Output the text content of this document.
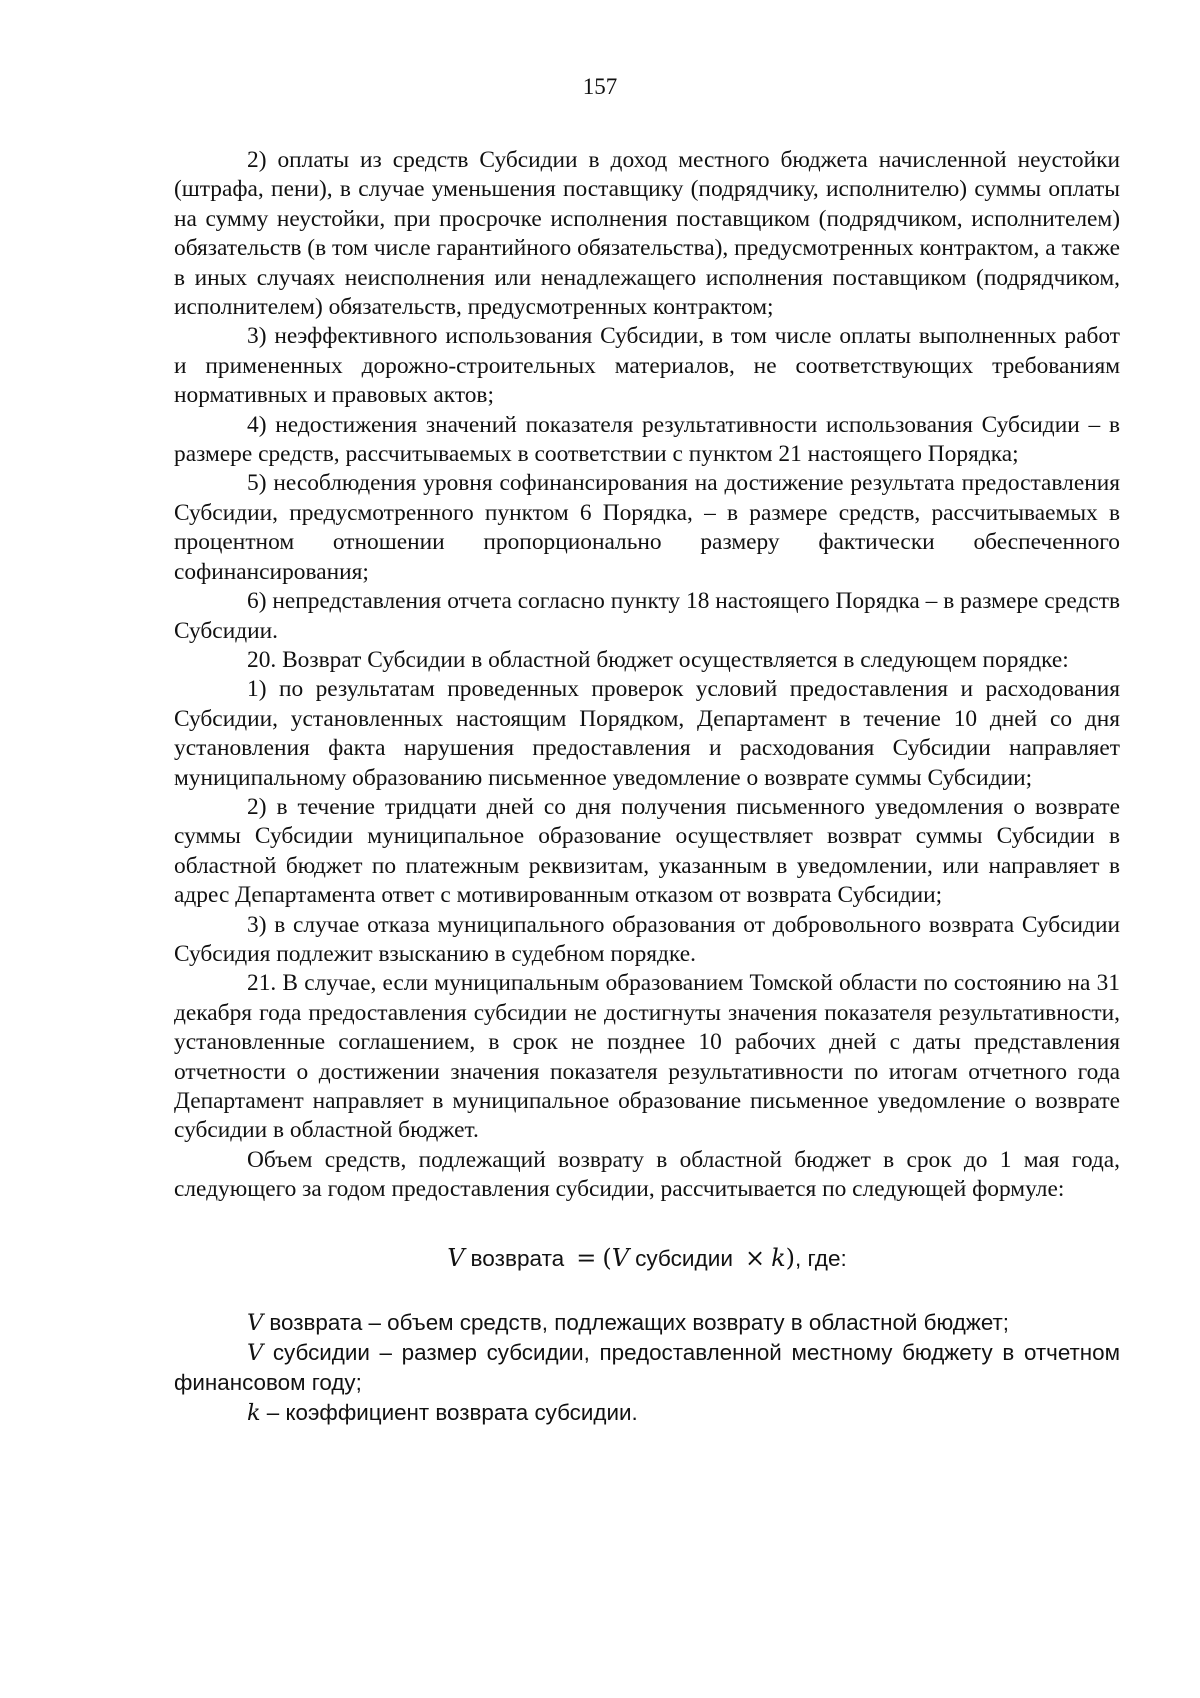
157

2) оплаты из средств Субсидии в доход местного бюджета начисленной неустойки (штрафа, пени), в случае уменьшения поставщику (подрядчику, исполнителю) суммы оплаты на сумму неустойки, при просрочке исполнения поставщиком (подрядчиком, исполнителем) обязательств (в том числе гарантийного обязательства), предусмотренных контрактом, а также в иных случаях неисполнения или ненадлежащего исполнения поставщиком (подрядчиком, исполнителем) обязательств, предусмотренных контрактом;

3) неэффективного использования Субсидии, в том числе оплаты выполненных работ и примененных дорожно-строительных материалов, не соответствующих требованиям нормативных и правовых актов;

4) недостижения значений показателя результативности использования Субсидии – в размере средств, рассчитываемых в соответствии с пунктом 21 настоящего Порядка;

5) несоблюдения уровня софинансирования на достижение результата предоставления Субсидии, предусмотренного пунктом 6 Порядка, – в размере средств, рассчитываемых в процентном отношении пропорционально размеру фактически обеспеченного софинансирования;

6) непредставления отчета согласно пункту 18 настоящего Порядка – в размере средств Субсидии.

20. Возврат Субсидии в областной бюджет осуществляется в следующем порядке:

1) по результатам проведенных проверок условий предоставления и расходования Субсидии, установленных настоящим Порядком, Департамент в течение 10 дней со дня установления факта нарушения предоставления и расходования Субсидии направляет муниципальному образованию письменное уведомление о возврате суммы Субсидии;

2) в течение тридцати дней со дня получения письменного уведомления о возврате суммы Субсидии муниципальное образование осуществляет возврат суммы Субсидии в областной бюджет по платежным реквизитам, указанным в уведомлении, или направляет в адрес Департамента ответ с мотивированным отказом от возврата Субсидии;

3) в случае отказа муниципального образования от добровольного возврата Субсидии Субсидия подлежит взысканию в судебном порядке.

21. В случае, если муниципальным образованием Томской области по состоянию на 31 декабря года предоставления субсидии не достигнуты значения показателя результативности, установленные соглашением, в срок не позднее 10 рабочих дней с даты представления отчетности о достижении значения показателя результативности по итогам отчетного года Департамент направляет в муниципальное образование письменное уведомление о возврате субсидии в областной бюджет.

Объем средств, подлежащий возврату в областной бюджет в срок до 1 мая года, следующего за годом предоставления субсидии, рассчитывается по следующей формуле:

V возврата = (V субсидии × k), где:

V возврата – объем средств, подлежащих возврату в областной бюджет;

V субсидии – размер субсидии, предоставленной местному бюджету в отчетном финансовом году;

k – коэффициент возврата субсидии.
